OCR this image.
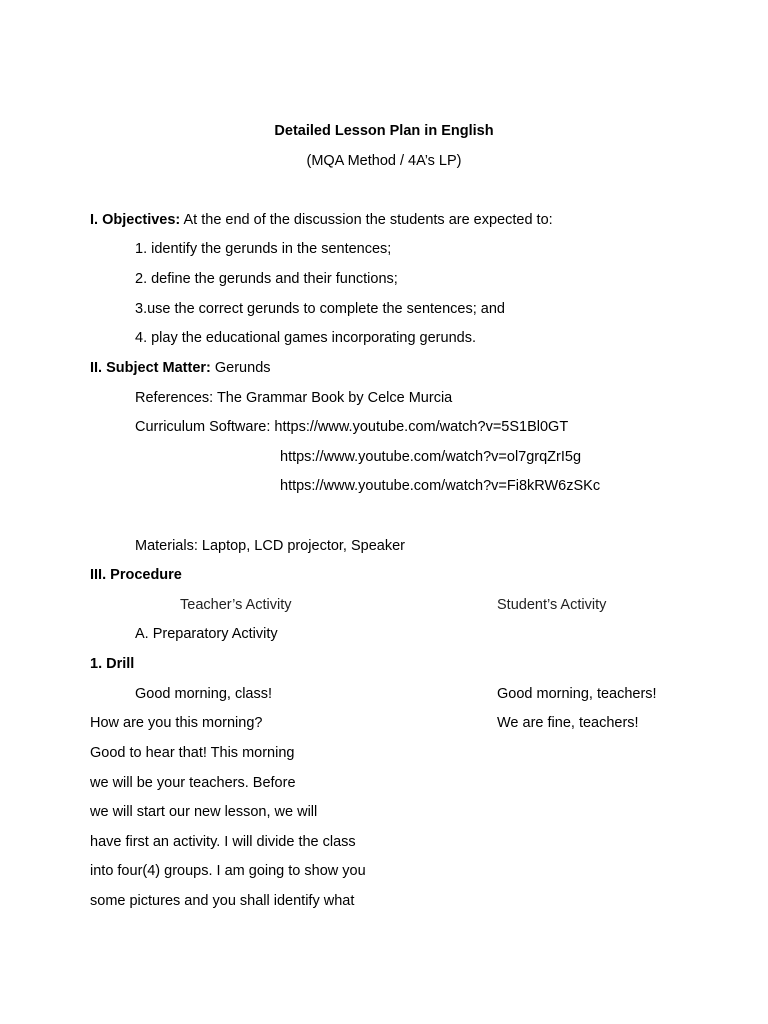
Detailed Lesson Plan in English
(MQA Method / 4A’s LP)
I. Objectives: At the end of the discussion the students are expected to:
1. identify the gerunds in the sentences;
2. define the gerunds and their functions;
3.use the correct gerunds to complete the sentences; and
4. play the educational games incorporating gerunds.
II. Subject Matter: Gerunds
References: The Grammar Book by Celce Murcia
Curriculum Software: https://www.youtube.com/watch?v=5S1Bl0GT
https://www.youtube.com/watch?v=ol7grqZrI5g
https://www.youtube.com/watch?v=Fi8kRW6zSKc
Materials: Laptop, LCD projector, Speaker
III. Procedure
Teacher’s Activity	Student’s Activity
A. Preparatory Activity
1. Drill
Good morning, class!	Good morning, teachers!
How are you this morning?	We are fine, teachers!
Good to hear that! This morning
we will be your teachers. Before
we will start our new lesson, we will
have first an activity. I will divide the class
into four(4) groups. I am going to show you
some pictures and you shall identify what
